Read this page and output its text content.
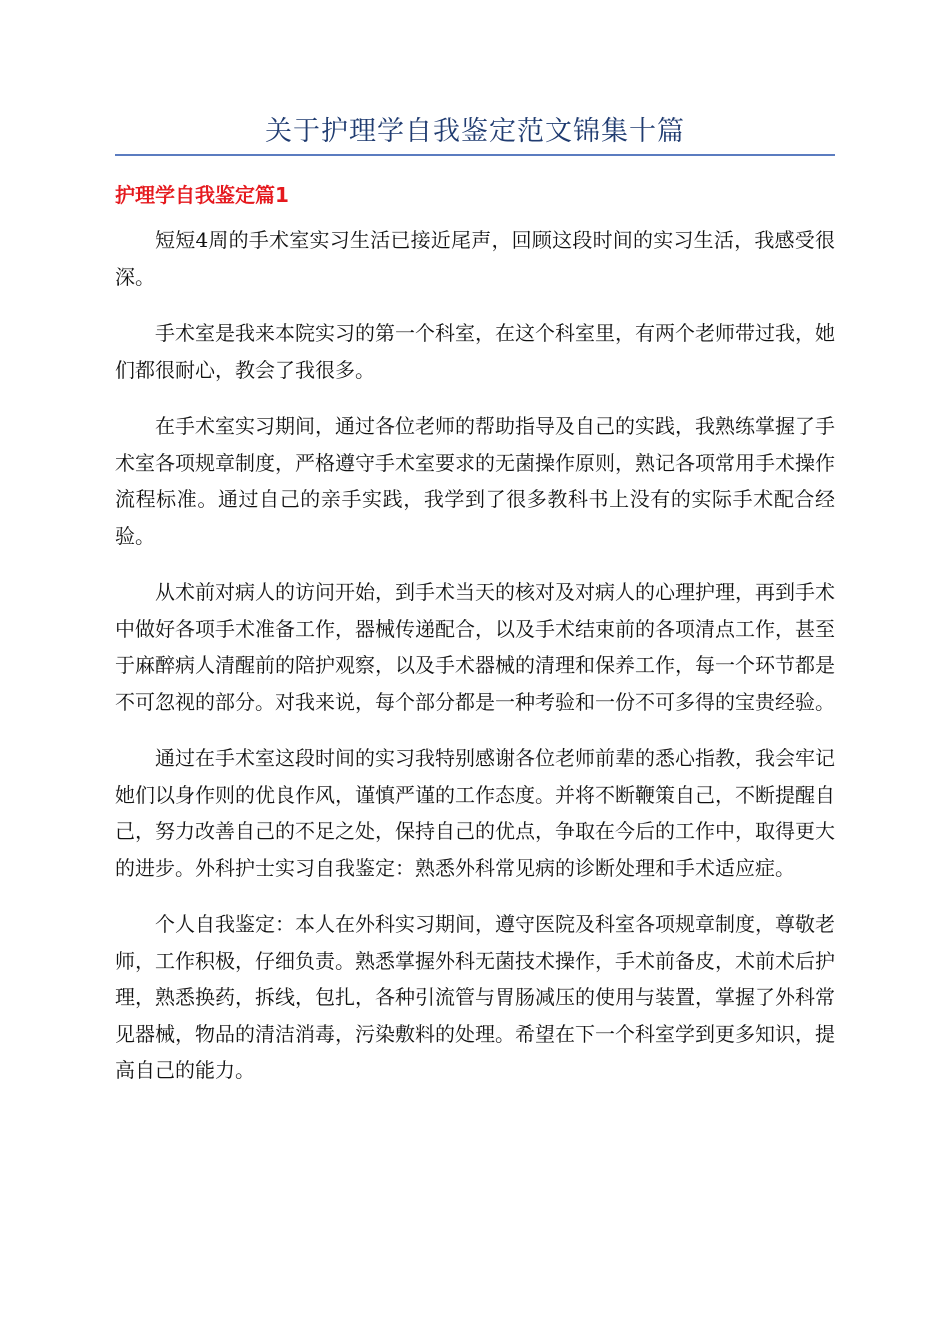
关于护理学自我鉴定范文锦集十篇
护理学自我鉴定篇1

短短4周的手术室实习生活已接近尾声，回顾这段时间的实习生活，我感受很深。

手术室是我来本院实习的第一个科室，在这个科室里，有两个老师带过我，她们都很耐心，教会了我很多。

在手术室实习期间，通过各位老师的帮助指导及自己的实践，我熟练掌握了手术室各项规章制度，严格遵守手术室要求的无菌操作原则，熟记各项常用手术操作流程标准。通过自己的亲手实践，我学到了很多教科书上没有的实际手术配合经验。

从术前对病人的访问开始，到手术当天的核对及对病人的心理护理，再到手术中做好各项手术准备工作，器械传递配合，以及手术结束前的各项清点工作，甚至于麻醉病人清醒前的陪护观察，以及手术器械的清理和保养工作，每一个环节都是不可忽视的部分。对我来说，每个部分都是一种考验和一份不可多得的宝贵经验。

通过在手术室这段时间的实习我特别感谢各位老师前辈的悉心指教，我会牢记她们以身作则的优良作风，谨慎严谨的工作态度。并将不断鞭策自己，不断提醒自己，努力改善自己的不足之处，保持自己的优点，争取在今后的工作中，取得更大的进步。外科护士实习自我鉴定：熟悉外科常见病的诊断处理和手术适应症。

个人自我鉴定：本人在外科实习期间，遵守医院及科室各项规章制度，尊敬老师，工作积极，仔细负责。熟悉掌握外科无菌技术操作，手术前备皮，术前术后护理，熟悉换药，拆线，包扎，各种引流管与胃肠减压的使用与装置，掌握了外科常见器械，物品的清洁消毒，污染敷料的处理。希望在下一个科室学到更多知识，提高自己的能力。
